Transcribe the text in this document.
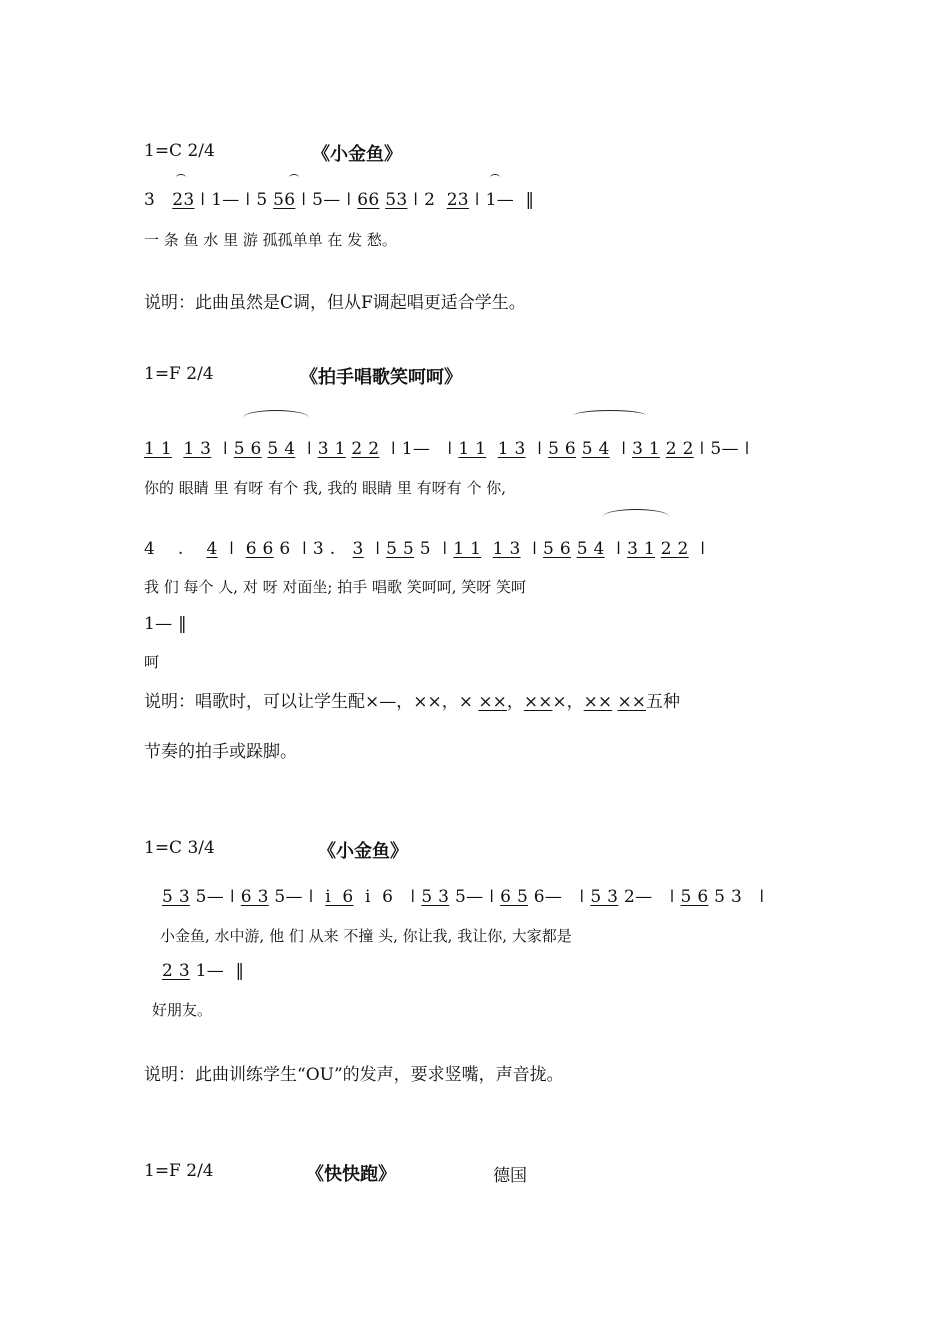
1=C 2/4	《小金鱼》
3   23 ǀ 1— ǀ 5 56 ǀ 5— ǀ 66 53 ǀ 2  23 ǀ 1—  ‖
一 条 鱼 水 里 游 孤孤单单 在 发 愁。
说明：此曲虽然是C调，但从F调起唱更适合学生。
1=F 2/4	《拍手唱歌笑呵呵》
1 1 1 3  ǀ 5 6 5 4  ǀ 3 1 2 2  ǀ 1—   ǀ 1 1 1 3  ǀ 5 6 5 4  ǀ 3 1 2 2 ǀ 5— ǀ
你的 眼睛 里 有呀 有个 我, 我的 眼睛 里 有呀有 个 你,
4    .    4  ǀ  6 6 6  ǀ 3 .   3  ǀ 5 5 5  ǀ 1 1 1 3  ǀ 5 6 5 4  ǀ 3 1 2 2  ǀ
我 们 每个 人, 对 呀 对面坐; 拍手 唱歌 笑呵呵, 笑呀 笑呵
1— ‖
呵
说明：唱歌时，可以让学生配×—，××，× ××，×××，×× ××五种
节奏的拍手或跺脚。
1=C 3/4	《小金鱼》
5 3 5— ǀ 6 3 5— ǀ  i  6  i  6   ǀ 5 3 5— ǀ 6 5 6—   ǀ 5 3 2—   ǀ 5 6 5 3   ǀ
小金鱼, 水中游, 他 们 从来 不撞 头, 你让我, 我让你, 大家都是
2 3 1—  ‖
好朋友。
说明：此曲训练学生“OU”的发声，要求竖嘴，声音拢。
1=F 2/4	《快快跑》	德国
